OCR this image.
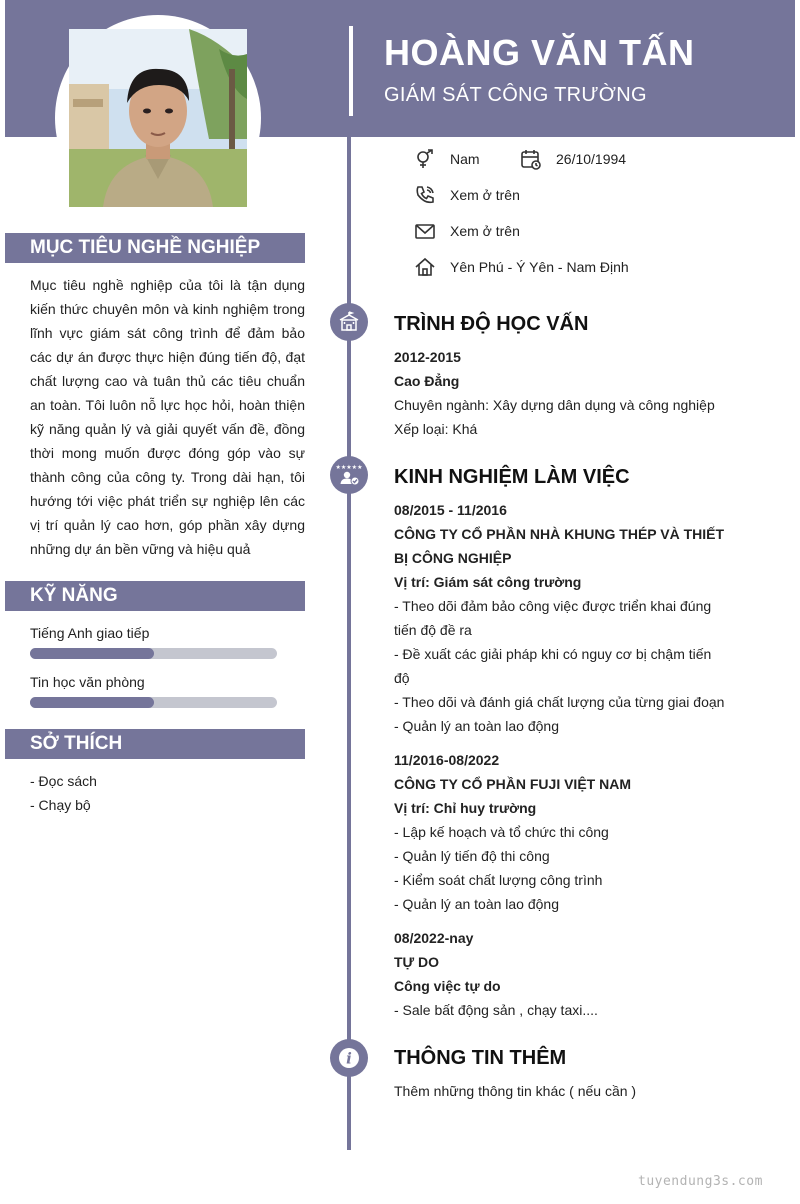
HOÀNG VĂN TẤN
GIÁM SÁT CÔNG TRƯỜNG
Nam	26/10/1994
Xem ở trên
Xem ở trên
Yên Phú - Ý Yên - Nam Định
MỤC TIÊU NGHỀ NGHIỆP
Mục tiêu nghề nghiệp của tôi là tận dụng kiến thức chuyên môn và kinh nghiệm trong lĩnh vực giám sát công trình để đảm bảo các dự án được thực hiện đúng tiến độ, đạt chất lượng cao và tuân thủ các tiêu chuẩn an toàn. Tôi luôn nỗ lực học hỏi, hoàn thiện kỹ năng quản lý và giải quyết vấn đề, đồng thời mong muốn được đóng góp vào sự thành công của công ty. Trong dài hạn, tôi hướng tới việc phát triển sự nghiệp lên các vị trí quản lý cao hơn, góp phần xây dựng những dự án bền vững và hiệu quả
KỸ NĂNG
Tiếng Anh giao tiếp
Tin học văn phòng
SỞ THÍCH
- Đọc sách
- Chạy bộ
★★★★★
i
TRÌNH ĐỘ HỌC VẤN
2012-2015
Cao Đẳng
Chuyên ngành: Xây dựng dân dụng và công nghiệp
Xếp loại: Khá
KINH NGHIỆM LÀM VIỆC
08/2015 - 11/2016
CÔNG TY CỔ PHẦN NHÀ KHUNG THÉP VÀ THIẾT BỊ CÔNG NGHIỆP
Vị trí: Giám sát công trường
- Theo dõi đảm bảo công việc được triển khai đúng tiến độ đề ra
- Đề xuất các giải pháp khi có nguy cơ bị chậm tiến độ
- Theo dõi và đánh giá chất lượng của từng giai đoạn
- Quản lý an toàn lao động
11/2016-08/2022
CÔNG TY CỔ PHẦN FUJI VIỆT NAM
Vị trí: Chỉ huy trường
- Lập kế hoạch và tổ chức thi công
- Quản lý tiến độ thi công
- Kiểm soát chất lượng công trình
- Quản lý an toàn lao động
08/2022-nay
TỰ DO
Công việc tự do
- Sale bất động sản , chạy taxi....
THÔNG TIN THÊM
Thêm những thông tin khác ( nếu cần )
tuyendung3s.com
